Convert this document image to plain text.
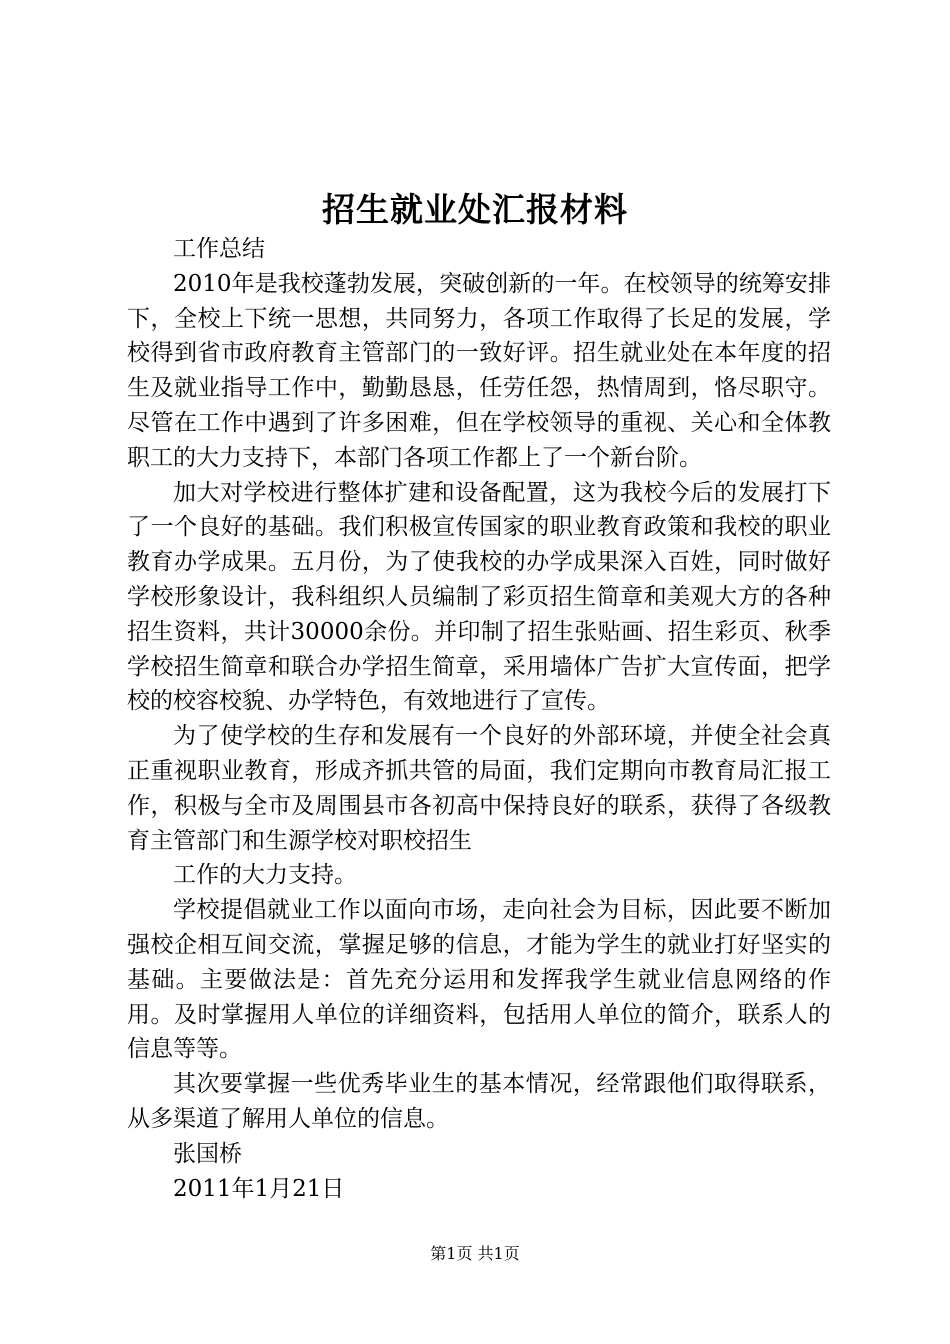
招生就业处汇报材料

工作总结

2010年是我校蓬勃发展，突破创新的一年。在校领导的统筹安排下，全校上下统一思想，共同努力，各项工作取得了长足的发展，学校得到省市政府教育主管部门的一致好评。招生就业处在本年度的招生及就业指导工作中，勤勤恳恳，任劳任怨，热情周到，恪尽职守。尽管在工作中遇到了许多困难，但在学校领导的重视、关心和全体教职工的大力支持下，本部门各项工作都上了一个新台阶。

加大对学校进行整体扩建和设备配置，这为我校今后的发展打下了一个良好的基础。我们积极宣传国家的职业教育政策和我校的职业教育办学成果。五月份，为了使我校的办学成果深入百姓，同时做好学校形象设计，我科组织人员编制了彩页招生简章和美观大方的各种招生资料，共计30000余份。并印制了招生张贴画、招生彩页、秋季学校招生简章和联合办学招生简章，采用墙体广告扩大宣传面，把学校的校容校貌、办学特色，有效地进行了宣传。

为了使学校的生存和发展有一个良好的外部环境，并使全社会真正重视职业教育，形成齐抓共管的局面，我们定期向市教育局汇报工作，积极与全市及周围县市各初高中保持良好的联系，获得了各级教育主管部门和生源学校对职校招生

工作的大力支持。

学校提倡就业工作以面向市场，走向社会为目标，因此要不断加强校企相互间交流，掌握足够的信息，才能为学生的就业打好坚实的基础。主要做法是：首先充分运用和发挥我学生就业信息网络的作用。及时掌握用人单位的详细资料，包括用人单位的简介，联系人的信息等等。

其次要掌握一些优秀毕业生的基本情况，经常跟他们取得联系，从多渠道了解用人单位的信息。

张国桥

2011年1月21日

第1页 共1页
